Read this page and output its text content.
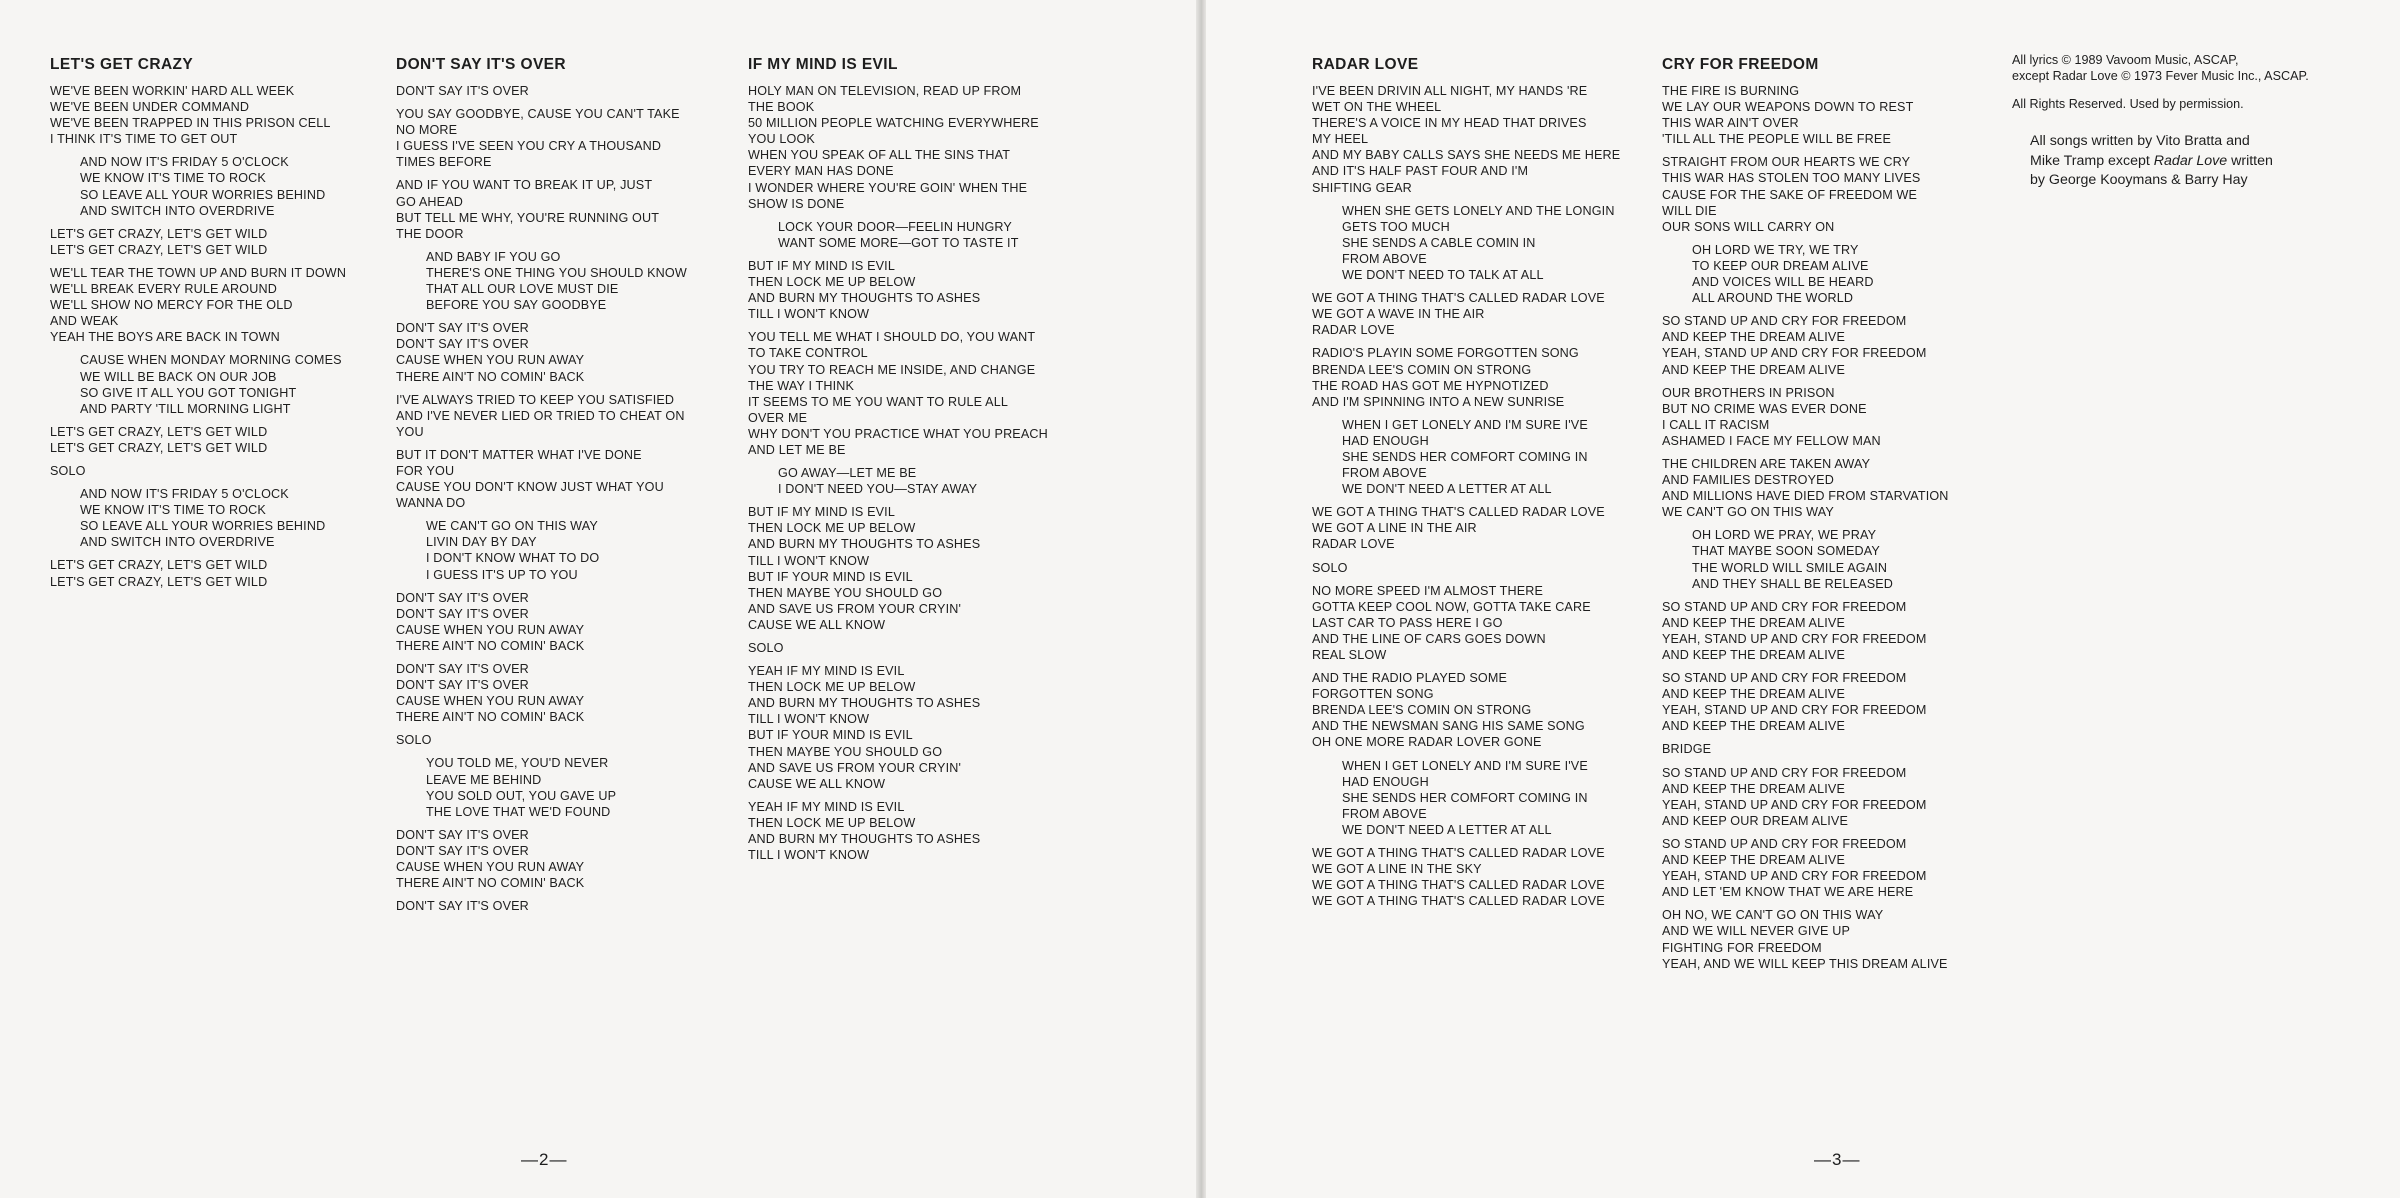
LET'S GET CRAZY
WE'VE BEEN WORKIN' HARD ALL WEEK
WE'VE BEEN UNDER COMMAND
WE'VE BEEN TRAPPED IN THIS PRISON CELL
I THINK IT'S TIME TO GET OUT
AND NOW IT'S FRIDAY 5 O'CLOCK
WE KNOW IT'S TIME TO ROCK
SO LEAVE ALL YOUR WORRIES BEHIND
AND SWITCH INTO OVERDRIVE
LET'S GET CRAZY, LET'S GET WILD
LET'S GET CRAZY, LET'S GET WILD
WE'LL TEAR THE TOWN UP AND BURN IT DOWN
WE'LL BREAK EVERY RULE AROUND
WE'LL SHOW NO MERCY FOR THE OLD
AND WEAK
YEAH THE BOYS ARE BACK IN TOWN
CAUSE WHEN MONDAY MORNING COMES
WE WILL BE BACK ON OUR JOB
SO GIVE IT ALL YOU GOT TONIGHT
AND PARTY 'TILL MORNING LIGHT
LET'S GET CRAZY, LET'S GET WILD
LET'S GET CRAZY, LET'S GET WILD
SOLO
AND NOW IT'S FRIDAY 5 O'CLOCK
WE KNOW IT'S TIME TO ROCK
SO LEAVE ALL YOUR WORRIES BEHIND
AND SWITCH INTO OVERDRIVE
LET'S GET CRAZY, LET'S GET WILD
LET'S GET CRAZY, LET'S GET WILD
DON'T SAY IT'S OVER
DON'T SAY IT'S OVER
YOU SAY GOODBYE, CAUSE YOU CAN'T TAKE
NO MORE
I GUESS I'VE SEEN YOU CRY A THOUSAND
TIMES BEFORE
AND IF YOU WANT TO BREAK IT UP, JUST
GO AHEAD
BUT TELL ME WHY, YOU'RE RUNNING OUT
THE DOOR
AND BABY IF YOU GO
THERE'S ONE THING YOU SHOULD KNOW
THAT ALL OUR LOVE MUST DIE
BEFORE YOU SAY GOODBYE
DON'T SAY IT'S OVER
DON'T SAY IT'S OVER
CAUSE WHEN YOU RUN AWAY
THERE AIN'T NO COMIN' BACK
I'VE ALWAYS TRIED TO KEEP YOU SATISFIED
AND I'VE NEVER LIED OR TRIED TO CHEAT ON
YOU
BUT IT DON'T MATTER WHAT I'VE DONE
FOR YOU
CAUSE YOU DON'T KNOW JUST WHAT YOU
WANNA DO
WE CAN'T GO ON THIS WAY
LIVIN DAY BY DAY
I DON'T KNOW WHAT TO DO
I GUESS IT'S UP TO YOU
DON'T SAY IT'S OVER
DON'T SAY IT'S OVER
CAUSE WHEN YOU RUN AWAY
THERE AIN'T NO COMIN' BACK
DON'T SAY IT'S OVER
DON'T SAY IT'S OVER
CAUSE WHEN YOU RUN AWAY
THERE AIN'T NO COMIN' BACK
SOLO
YOU TOLD ME, YOU'D NEVER
LEAVE ME BEHIND
YOU SOLD OUT, YOU GAVE UP
THE LOVE THAT WE'D FOUND
DON'T SAY IT'S OVER
DON'T SAY IT'S OVER
CAUSE WHEN YOU RUN AWAY
THERE AIN'T NO COMIN' BACK
DON'T SAY IT'S OVER
IF MY MIND IS EVIL
HOLY MAN ON TELEVISION, READ UP FROM
THE BOOK
50 MILLION PEOPLE WATCHING EVERYWHERE
YOU LOOK
WHEN YOU SPEAK OF ALL THE SINS THAT
EVERY MAN HAS DONE
I WONDER WHERE YOU'RE GOIN' WHEN THE
SHOW IS DONE
LOCK YOUR DOOR—FEELIN HUNGRY
WANT SOME MORE—GOT TO TASTE IT
BUT IF MY MIND IS EVIL
THEN LOCK ME UP BELOW
AND BURN MY THOUGHTS TO ASHES
TILL I WON'T KNOW
YOU TELL ME WHAT I SHOULD DO, YOU WANT
TO TAKE CONTROL
YOU TRY TO REACH ME INSIDE, AND CHANGE
THE WAY I THINK
IT SEEMS TO ME YOU WANT TO RULE ALL
OVER ME
WHY DON'T YOU PRACTICE WHAT YOU PREACH
AND LET ME BE
GO AWAY—LET ME BE
I DON'T NEED YOU—STAY AWAY
BUT IF MY MIND IS EVIL
THEN LOCK ME UP BELOW
AND BURN MY THOUGHTS TO ASHES
TILL I WON'T KNOW
BUT IF YOUR MIND IS EVIL
THEN MAYBE YOU SHOULD GO
AND SAVE US FROM YOUR CRYIN'
CAUSE WE ALL KNOW
SOLO
YEAH IF MY MIND IS EVIL
THEN LOCK ME UP BELOW
AND BURN MY THOUGHTS TO ASHES
TILL I WON'T KNOW
BUT IF YOUR MIND IS EVIL
THEN MAYBE YOU SHOULD GO
AND SAVE US FROM YOUR CRYIN'
CAUSE WE ALL KNOW
YEAH IF MY MIND IS EVIL
THEN LOCK ME UP BELOW
AND BURN MY THOUGHTS TO ASHES
TILL I WON'T KNOW
—2—
RADAR LOVE
I'VE BEEN DRIVIN ALL NIGHT, MY HANDS 'RE
WET ON THE WHEEL
THERE'S A VOICE IN MY HEAD THAT DRIVES
MY HEEL
AND MY BABY CALLS SAYS SHE NEEDS ME HERE
AND IT'S HALF PAST FOUR AND I'M
SHIFTING GEAR
WHEN SHE GETS LONELY AND THE LONGIN
GETS TOO MUCH
SHE SENDS A CABLE COMIN IN
FROM ABOVE
WE DON'T NEED TO TALK AT ALL
WE GOT A THING THAT'S CALLED RADAR LOVE
WE GOT A WAVE IN THE AIR
RADAR LOVE
RADIO'S PLAYIN SOME FORGOTTEN SONG
BRENDA LEE'S COMIN ON STRONG
THE ROAD HAS GOT ME HYPNOTIZED
AND I'M SPINNING INTO A NEW SUNRISE
WHEN I GET LONELY AND I'M SURE I'VE
HAD ENOUGH
SHE SENDS HER COMFORT COMING IN
FROM ABOVE
WE DON'T NEED A LETTER AT ALL
WE GOT A THING THAT'S CALLED RADAR LOVE
WE GOT A LINE IN THE AIR
RADAR LOVE
SOLO
NO MORE SPEED I'M ALMOST THERE
GOTTA KEEP COOL NOW, GOTTA TAKE CARE
LAST CAR TO PASS HERE I GO
AND THE LINE OF CARS GOES DOWN
REAL SLOW
AND THE RADIO PLAYED SOME
FORGOTTEN SONG
BRENDA LEE'S COMIN ON STRONG
AND THE NEWSMAN SANG HIS SAME SONG
OH ONE MORE RADAR LOVER GONE
WHEN I GET LONELY AND I'M SURE I'VE
HAD ENOUGH
SHE SENDS HER COMFORT COMING IN
FROM ABOVE
WE DON'T NEED A LETTER AT ALL
WE GOT A THING THAT'S CALLED RADAR LOVE
WE GOT A LINE IN THE SKY
WE GOT A THING THAT'S CALLED RADAR LOVE
WE GOT A THING THAT'S CALLED RADAR LOVE
CRY FOR FREEDOM
THE FIRE IS BURNING
WE LAY OUR WEAPONS DOWN TO REST
THIS WAR AIN'T OVER
'TILL ALL THE PEOPLE WILL BE FREE
STRAIGHT FROM OUR HEARTS WE CRY
THIS WAR HAS STOLEN TOO MANY LIVES
CAUSE FOR THE SAKE OF FREEDOM WE
WILL DIE
OUR SONS WILL CARRY ON
OH LORD WE TRY, WE TRY
TO KEEP OUR DREAM ALIVE
AND VOICES WILL BE HEARD
ALL AROUND THE WORLD
SO STAND UP AND CRY FOR FREEDOM
AND KEEP THE DREAM ALIVE
YEAH, STAND UP AND CRY FOR FREEDOM
AND KEEP THE DREAM ALIVE
OUR BROTHERS IN PRISON
BUT NO CRIME WAS EVER DONE
I CALL IT RACISM
ASHAMED I FACE MY FELLOW MAN
THE CHILDREN ARE TAKEN AWAY
AND FAMILIES DESTROYED
AND MILLIONS HAVE DIED FROM STARVATION
WE CAN'T GO ON THIS WAY
OH LORD WE PRAY, WE PRAY
THAT MAYBE SOON SOMEDAY
THE WORLD WILL SMILE AGAIN
AND THEY SHALL BE RELEASED
SO STAND UP AND CRY FOR FREEDOM
AND KEEP THE DREAM ALIVE
YEAH, STAND UP AND CRY FOR FREEDOM
AND KEEP THE DREAM ALIVE
SO STAND UP AND CRY FOR FREEDOM
AND KEEP THE DREAM ALIVE
YEAH, STAND UP AND CRY FOR FREEDOM
AND KEEP THE DREAM ALIVE
BRIDGE
SO STAND UP AND CRY FOR FREEDOM
AND KEEP THE DREAM ALIVE
YEAH, STAND UP AND CRY FOR FREEDOM
AND KEEP OUR DREAM ALIVE
SO STAND UP AND CRY FOR FREEDOM
AND KEEP THE DREAM ALIVE
YEAH, STAND UP AND CRY FOR FREEDOM
AND LET 'EM KNOW THAT WE ARE HERE
OH NO, WE CAN'T GO ON THIS WAY
AND WE WILL NEVER GIVE UP
FIGHTING FOR FREEDOM
YEAH, AND WE WILL KEEP THIS DREAM ALIVE

All lyrics © 1989 Vavoom Music, ASCAP,

except Radar Love © 1973 Fever Music Inc., ASCAP.

All Rights Reserved. Used by permission.

All songs written by Vito Bratta and
Mike Tramp except Radar Love written
by George Kooymans & Barry Hay
—3—
